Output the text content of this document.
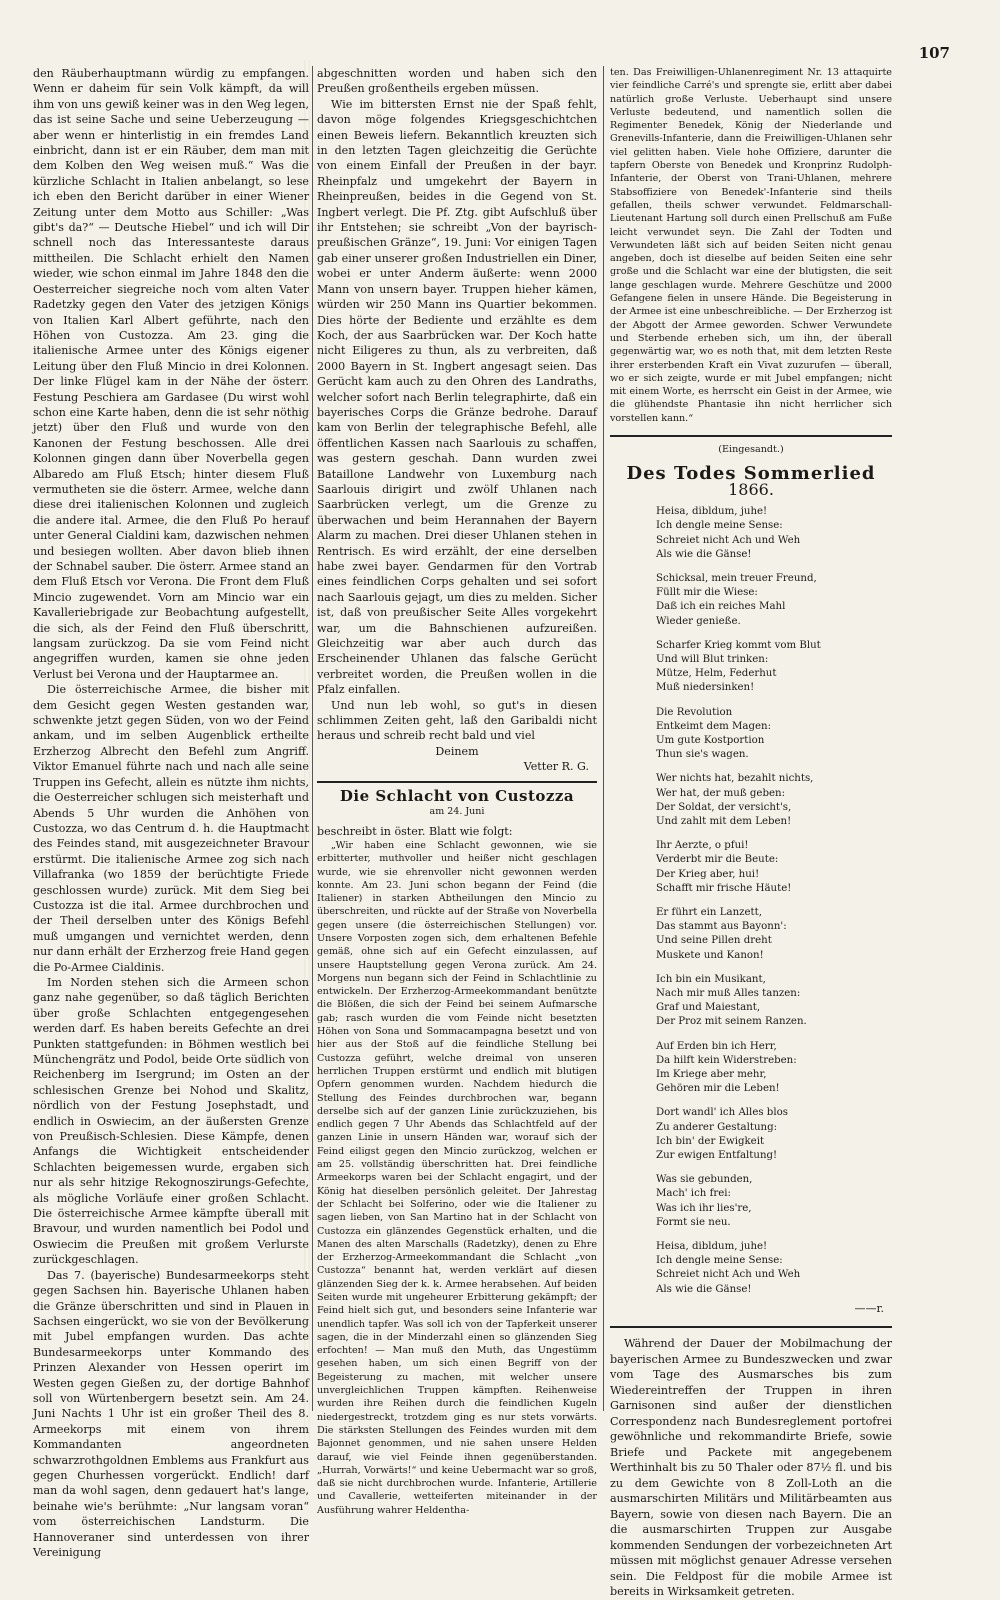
107

den Räuberhauptmann würdig zu empfangen. Wenn er daheim für sein Volk kämpft, da will ihm von uns gewiß keiner was in den Weg legen, das ist seine Sache und seine Ueberzeugung — aber wenn er hinterlistig in ein fremdes Land einbricht, dann ist er ein Räuber, dem man mit dem Kolben den Weg weisen muß.“ Was die kürzliche Schlacht in Italien anbelangt, so lese ich eben den Bericht darüber in einer Wiener Zeitung unter dem Motto aus Schiller: „Was gibt's da?“ — Deutsche Hiebel“ und ich will Dir schnell noch das Interessanteste daraus mittheilen. Die Schlacht erhielt den Namen wieder, wie schon einmal im Jahre 1848 den die Oesterreicher siegreiche noch vom alten Vater Radetzky gegen den Vater des jetzigen Königs von Italien Karl Albert geführte, nach den Höhen von Custozza. Am 23. ging die italienische Armee unter des Königs eigener Leitung über den Fluß Mincio in drei Kolonnen. Der linke Flügel kam in der Nähe der österr. Festung Peschiera am Gardasee (Du wirst wohl schon eine Karte haben, denn die ist sehr nöthig jetzt) über den Fluß und wurde von den Kanonen der Festung beschossen. Alle drei Kolonnen gingen dann über Noverbella gegen Albaredo am Fluß Etsch; hinter diesem Fluß vermutheten sie die österr. Armee, welche dann diese drei italienischen Kolonnen und zugleich die andere ital. Armee, die den Fluß Po herauf unter General Cialdini kam, dazwischen nehmen und besiegen wollten. Aber davon blieb ihnen der Schnabel sauber. Die österr. Armee stand an dem Fluß Etsch vor Verona. Die Front dem Fluß Mincio zugewendet. Vorn am Mincio war ein Kavalleriebrigade zur Beobachtung aufgestellt, die sich, als der Feind den Fluß überschritt, langsam zurückzog. Da sie vom Feind nicht angegriffen wurden, kamen sie ohne jeden Verlust bei Verona und der Hauptarmee an.

Die österreichische Armee, die bisher mit dem Gesicht gegen Westen gestanden war, schwenkte jetzt gegen Süden, von wo der Feind ankam, und im selben Augenblick ertheilte Erzherzog Albrecht den Befehl zum Angriff. Viktor Emanuel führte nach und nach alle seine Truppen ins Gefecht, allein es nützte ihm nichts, die Oesterreicher schlugen sich meisterhaft und Abends 5 Uhr wurden die Anhöhen von Custozza, wo das Centrum d. h. die Hauptmacht des Feindes stand, mit ausgezeichneter Bravour erstürmt. Die italienische Armee zog sich nach Villafranka (wo 1859 der berüchtigte Friede geschlossen wurde) zurück. Mit dem Sieg bei Custozza ist die ital. Armee durchbrochen und der Theil derselben unter des Königs Befehl muß umgangen und vernichtet werden, denn nur dann erhält der Erzherzog freie Hand gegen die Po-Armee Cialdinis.

Im Norden stehen sich die Armeen schon ganz nahe gegenüber, so daß täglich Berichten über große Schlachten entgegengesehen werden darf. Es haben bereits Gefechte an drei Punkten stattgefunden: in Böhmen westlich bei Münchengrätz und Podol, beide Orte südlich von Reichenberg im Isergrund; im Osten an der schlesischen Grenze bei Nohod und Skalitz, nördlich von der Festung Josephstadt, und endlich in Oswiecim, an der äußersten Grenze von Preußisch-Schlesien. Diese Kämpfe, denen Anfangs die Wichtigkeit entscheidender Schlachten beigemessen wurde, ergaben sich nur als sehr hitzige Rekognoszirungs-Gefechte, als mögliche Vorläufe einer großen Schlacht. Die österreichische Armee kämpfte überall mit Bravour, und wurden namentlich bei Podol und Oswiecim die Preußen mit großem Verlurste zurückgeschlagen.

Das 7. (bayerische) Bundesarmeekorps steht gegen Sachsen hin. Bayerische Uhlanen haben die Gränze überschritten und sind in Plauen in Sachsen eingerückt, wo sie von der Bevölkerung mit Jubel empfangen wurden. Das achte Bundesarmeekorps unter Kommando des Prinzen Alexander von Hessen operirt im Westen gegen Gießen zu, der dortige Bahnhof soll von Würtenbergern besetzt sein. Am 24. Juni Nachts 1 Uhr ist ein großer Theil des 8. Armeekorps mit einem von ihrem Kommandanten angeordneten schwarzrothgoldnen Emblems aus Frankfurt aus gegen Churhessen vorgerückt. Endlich! darf man da wohl sagen, denn gedauert hat's lange, beinahe wie's berühmte: „Nur langsam voran“ vom österreichischen Landsturm. Die Hannoveraner sind unterdessen von ihrer Vereinigung

abgeschnitten worden und haben sich den Preußen großentheils ergeben müssen.

Wie im bittersten Ernst nie der Spaß fehlt, davon möge folgendes Kriegsgeschichtchen einen Beweis liefern. Bekanntlich kreuzten sich in den letzten Tagen gleichzeitig die Gerüchte von einem Einfall der Preußen in der bayr. Rheinpfalz und umgekehrt der Bayern in Rheinpreußen, beides in die Gegend von St. Ingbert verlegt. Die Pf. Ztg. gibt Aufschluß über ihr Entstehen; sie schreibt „Von der bayrisch-preußischen Gränze“, 19. Juni: Vor einigen Tagen gab einer unserer großen Industriellen ein Diner, wobei er unter Anderm äußerte: wenn 2000 Mann von unsern bayer. Truppen hieher kämen, würden wir 250 Mann ins Quartier bekommen. Dies hörte der Bediente und erzählte es dem Koch, der aus Saarbrücken war. Der Koch hatte nicht Eiligeres zu thun, als zu verbreiten, daß 2000 Bayern in St. Ingbert angesagt seien. Das Gerücht kam auch zu den Ohren des Landraths, welcher sofort nach Berlin telegraphirte, daß ein bayerisches Corps die Gränze bedrohe. Darauf kam von Berlin der telegraphische Befehl, alle öffentlichen Kassen nach Saarlouis zu schaffen, was gestern geschah. Dann wurden zwei Bataillone Landwehr von Luxemburg nach Saarlouis dirigirt und zwölf Uhlanen nach Saarbrücken verlegt, um die Grenze zu überwachen und beim Herannahen der Bayern Alarm zu machen. Drei dieser Uhlanen stehen in Rentrisch. Es wird erzählt, der eine derselben habe zwei bayer. Gendarmen für den Vortrab eines feindlichen Corps gehalten und sei sofort nach Saarlouis gejagt, um dies zu melden. Sicher ist, daß von preußischer Seite Alles vorgekehrt war, um die Bahnschienen aufzureißen. Gleichzeitig war aber auch durch das Erscheinender Uhlanen das falsche Gerücht verbreitet worden, die Preußen wollen in die Pfalz einfallen.

Und nun leb wohl, so gut's in diesen schlimmen Zeiten geht, laß den Garibaldi nicht heraus und schreib recht bald und viel

Deinem

Vetter R. G.

Die Schlacht von Custozza
am 24. Juni

beschreibt in öster. Blatt wie folgt:

„Wir haben eine Schlacht gewonnen, wie sie erbitterter, muthvoller und heißer nicht geschlagen wurde, wie sie ehrenvoller nicht gewonnen werden konnte. Am 23. Juni schon begann der Feind (die Italiener) in starken Abtheilungen den Mincio zu überschreiten, und rückte auf der Straße von Noverbella gegen unsere (die österreichischen Stellungen) vor. Unsere Vorposten zogen sich, dem erhaltenen Befehle gemäß, ohne sich auf ein Gefecht einzulassen, auf unsere Hauptstellung gegen Verona zurück. Am 24. Morgens nun begann sich der Feind in Schlachtlinie zu entwickeln. Der Erzherzog-Armeekommandant benützte die Blößen, die sich der Feind bei seinem Aufmarsche gab; rasch wurden die vom Feinde nicht besetzten Höhen von Sona und Sommacampagna besetzt und von hier aus der Stoß auf die feindliche Stellung bei Custozza geführt, welche dreimal von unseren herrlichen Truppen erstürmt und endlich mit blutigen Opfern genommen wurden. Nachdem hiedurch die Stellung des Feindes durchbrochen war, begann derselbe sich auf der ganzen Linie zurückzuziehen, bis endlich gegen 7 Uhr Abends das Schlachtfeld auf der ganzen Linie in unsern Händen war, worauf sich der Feind eiligst gegen den Mincio zurückzog, welchen er am 25. vollständig überschritten hat. Drei feindliche Armeekorps waren bei der Schlacht engagirt, und der König hat dieselben persönlich geleitet. Der Jahrestag der Schlacht bei Solferino, oder wie die Italiener zu sagen lieben, von San Martino hat in der Schlacht von Custozza ein glänzendes Gegenstück erhalten, und die Manen des alten Marschalls (Radetzky), denen zu Ehre der Erzherzog-Armeekommandant die Schlacht „von Custozza“ benannt hat, werden verklärt auf diesen glänzenden Sieg der k. k. Armee herabsehen. Auf beiden Seiten wurde mit ungeheurer Erbitterung gekämpft; der Feind hielt sich gut, und besonders seine Infanterie war unendlich tapfer. Was soll ich von der Tapferkeit unserer sagen, die in der Minderzahl einen so glänzenden Sieg erfochten! — Man muß den Muth, das Ungestümm gesehen haben, um sich einen Begriff von der Begeisterung zu machen, mit welcher unsere unvergleichlichen Truppen kämpften. Reihenweise wurden ihre Reihen durch die feindlichen Kugeln niedergestreckt, trotzdem ging es nur stets vorwärts. Die stärksten Stellungen des Feindes wurden mit dem Bajonnet genommen, und nie sahen unsere Helden darauf, wie viel Feinde ihnen gegenüberstanden. „Hurrah, Vorwärts!“ und keine Uebermacht war so groß, daß sie nicht durchbrochen wurde. Infanterie, Artillerie und Cavallerie, wetteiferten miteinander in der Ausführung wahrer Heldentha-

ten. Das Freiwilligen-Uhlanenregiment Nr. 13 attaquirte vier feindliche Carré's und sprengte sie, erlitt aber dabei natürlich große Verluste. Ueberhaupt sind unsere Verluste bedeutend, und namentlich sollen die Regimenter Benedek, König der Niederlande und Grenevills-Infanterie, dann die Freiwilligen-Uhlanen sehr viel gelitten haben. Viele hohe Offiziere, darunter die tapfern Oberste von Benedek und Kronprinz Rudolph-Infanterie, der Oberst von Trani-Uhlanen, mehrere Stabsoffiziere von Benedek'-Infanterie sind theils gefallen, theils schwer verwundet. Feldmarschall-Lieutenant Hartung soll durch einen Prellschuß am Fuße leicht verwundet seyn. Die Zahl der Todten und Verwundeten läßt sich auf beiden Seiten nicht genau angeben, doch ist dieselbe auf beiden Seiten eine sehr große und die Schlacht war eine der blutigsten, die seit lange geschlagen wurde. Mehrere Geschütze und 2000 Gefangene fielen in unsere Hände. Die Begeisterung in der Armee ist eine unbeschreibliche. — Der Erzherzog ist der Abgott der Armee geworden. Schwer Verwundete und Sterbende erheben sich, um ihn, der überall gegenwärtig war, wo es noth that, mit dem letzten Reste ihrer ersterbenden Kraft ein Vivat zuzurufen — überall, wo er sich zeigte, wurde er mit Jubel empfangen; nicht mit einem Worte, es herrscht ein Geist in der Armee, wie die glühendste Phantasie ihn nicht herrlicher sich vorstellen kann.“

(Eingesandt.)
Des Todes Sommerlied
1866.
Heisa, dibldum, juhe!
Ich dengle meine Sense:
Schreiet nicht Ach und Weh
Als wie die Gänse!
Schicksal, mein treuer Freund,
Füllt mir die Wiese:
Daß ich ein reiches Mahl
Wieder genieße.
Scharfer Krieg kommt vom Blut
Und will Blut trinken:
Mütze, Helm, Federhut
Muß niedersinken!
Die Revolution
Entkeimt dem Magen:
Um gute Kostportion
Thun sie's wagen.
Wer nichts hat, bezahlt nichts,
Wer hat, der muß geben:
Der Soldat, der versicht's,
Und zahlt mit dem Leben!
Ihr Aerzte, o pfui!
Verderbt mir die Beute:
Der Krieg aber, hui!
Schafft mir frische Häute!
Er führt ein Lanzett,
Das stammt aus Bayonn':
Und seine Pillen dreht
Muskete und Kanon!
Ich bin ein Musikant,
Nach mir muß Alles tanzen:
Graf und Maiestant,
Der Proz mit seinem Ranzen.
Auf Erden bin ich Herr,
Da hilft kein Widerstreben:
Im Kriege aber mehr,
Gehören mir die Leben!
Dort wandl' ich Alles blos
Zu anderer Gestaltung:
Ich bin' der Ewigkeit
Zur ewigen Entfaltung!
Was sie gebunden,
Mach' ich frei:
Was ich ihr lies're,
Formt sie neu.
Heisa, dibldum, juhe!
Ich dengle meine Sense:
Schreiet nicht Ach und Weh
Als wie die Gänse!
——r.

Während der Dauer der Mobilmachung der bayerischen Armee zu Bundeszwecken und zwar vom Tage des Ausmarsches bis zum Wiedereintreffen der Truppen in ihren Garnisonen sind außer der dienstlichen Correspondenz nach Bundesreglement portofrei gewöhnliche und rekommandirte Briefe, sowie Briefe und Packete mit angegebenem Werthinhalt bis zu 50 Thaler oder 87½ fl. und bis zu dem Gewichte von 8 Zoll-Loth an die ausmarschirten Militärs und Militärbeamten aus Bayern, sowie von diesen nach Bayern. Die an die ausmarschirten Truppen zur Ausgabe kommenden Sendungen der vorbezeichneten Art müssen mit möglichst genauer Adresse versehen sein. Die Feldpost für die mobile Armee ist bereits in Wirksamkeit getreten.
